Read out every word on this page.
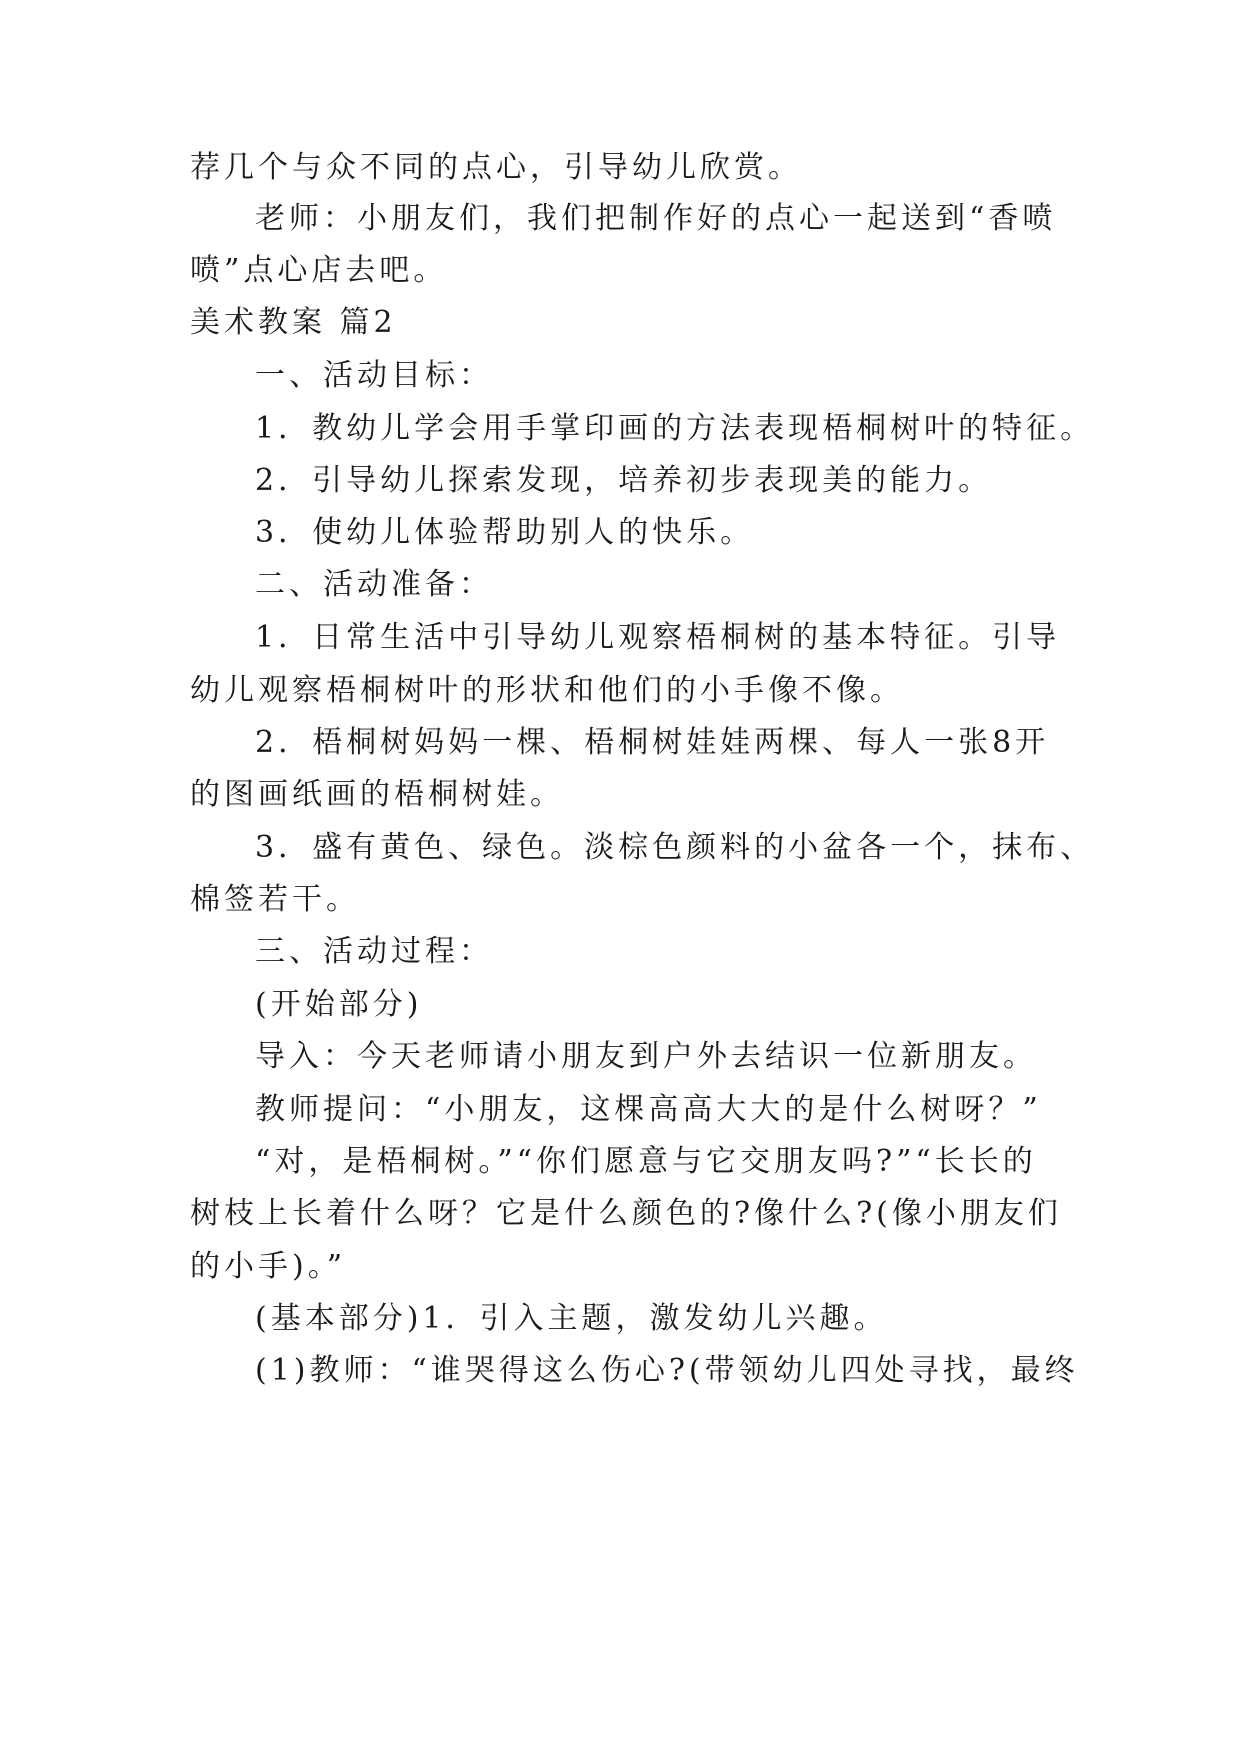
荐几个与众不同的点心，引导幼儿欣赏。
老师：小朋友们，我们把制作好的点心一起送到“香喷
喷”点心店去吧。
美术教案 篇2
一、活动目标：
1．教幼儿学会用手掌印画的方法表现梧桐树叶的特征。
2．引导幼儿探索发现，培养初步表现美的能力。
3．使幼儿体验帮助别人的快乐。
二、活动准备：
1．日常生活中引导幼儿观察梧桐树的基本特征。引导
幼儿观察梧桐树叶的形状和他们的小手像不像。
2．梧桐树妈妈一棵、梧桐树娃娃两棵、每人一张8开
的图画纸画的梧桐树娃。
3．盛有黄色、绿色。淡棕色颜料的小盆各一个，抹布、
棉签若干。
三、活动过程：
(开始部分)
导入：今天老师请小朋友到户外去结识一位新朋友。
教师提问：“小朋友，这棵高高大大的是什么树呀？”
“对，是梧桐树。”“你们愿意与它交朋友吗?”“长长的
树枝上长着什么呀？它是什么颜色的?像什么?(像小朋友们
的小手)。”
(基本部分)1．引入主题，激发幼儿兴趣。
(1)教师：“谁哭得这么伤心?(带领幼儿四处寻找，最终
